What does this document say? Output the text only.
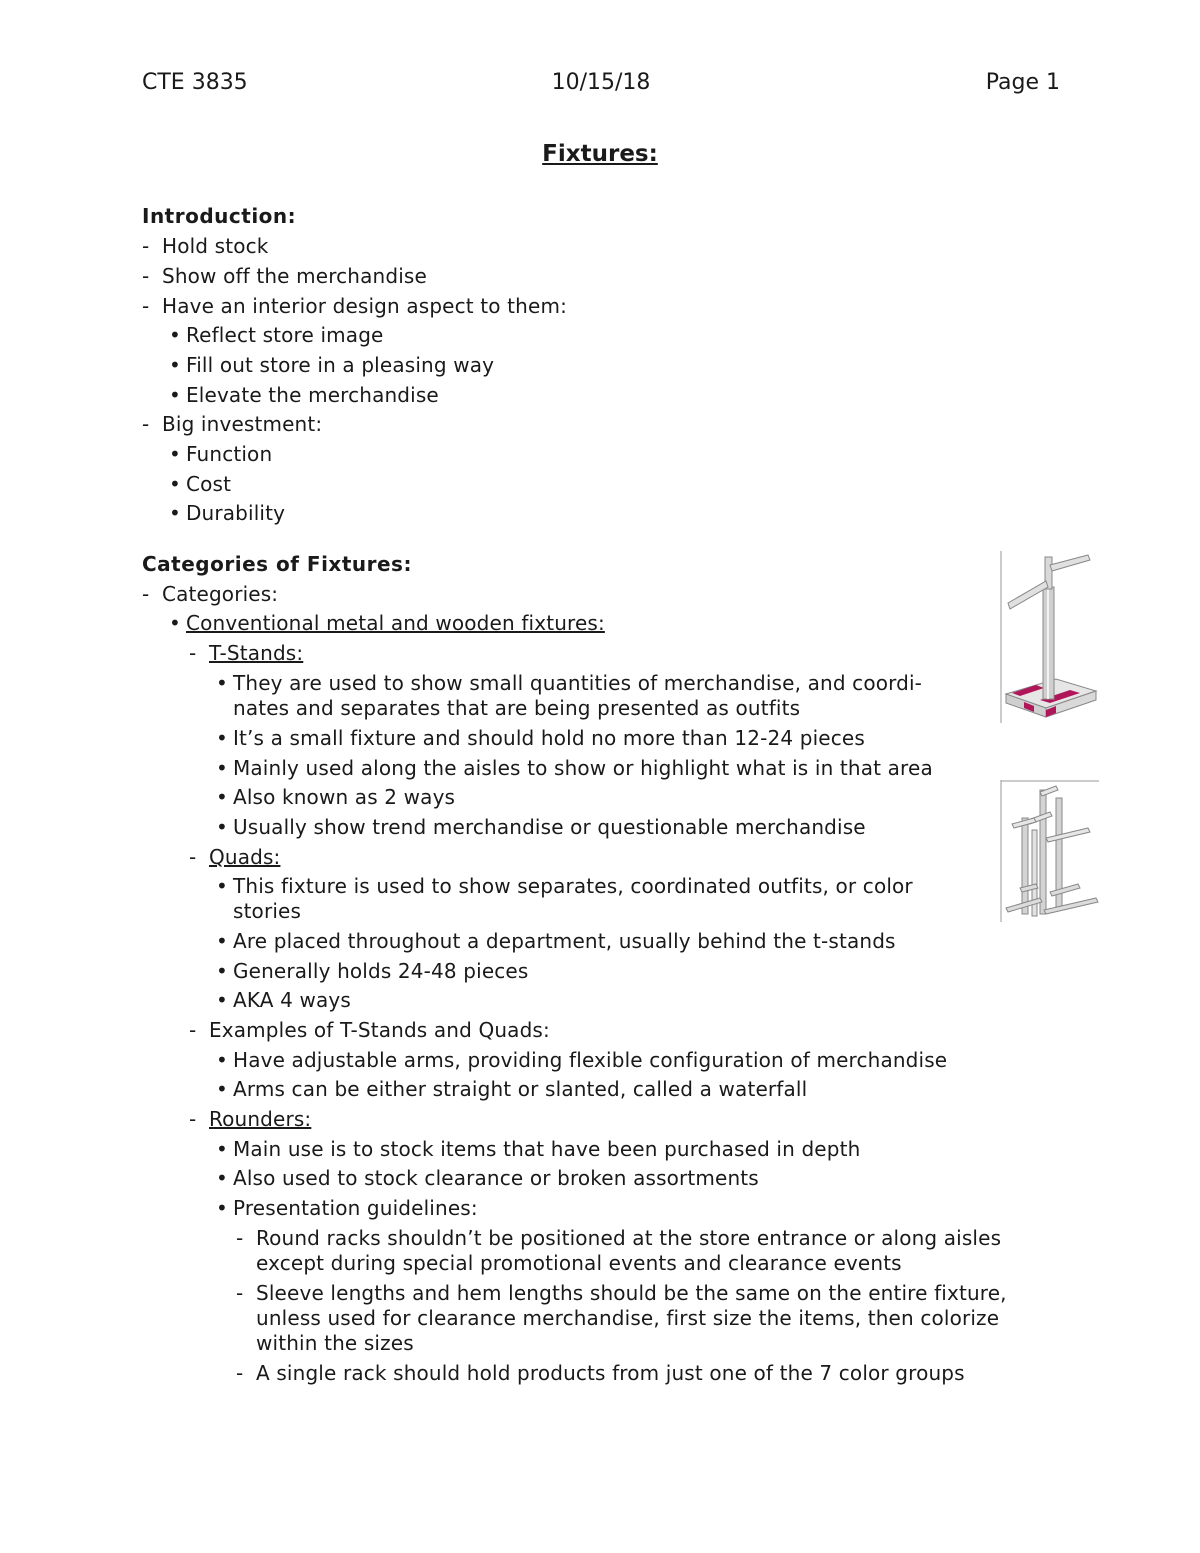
CTE 3835	10/15/18	Page 1
Fixtures:
Introduction:
- Hold stock
- Show off the merchandise
- Have an interior design aspect to them:
• Reflect store image
• Fill out store in a pleasing way
• Elevate the merchandise
- Big investment:
• Function
• Cost
• Durability
Categories of Fixtures:
- Categories:
• Conventional metal and wooden fixtures:
- T-Stands:
• They are used to show small quantities of merchandise, and coordi-
nates and separates that are being presented as outfits
• It’s a small fixture and should hold no more than 12-24 pieces
• Mainly used along the aisles to show or highlight what is in that area
• Also known as 2 ways
• Usually show trend merchandise or questionable merchandise
- Quads:
• This fixture is used to show separates, coordinated outfits, or color
stories
• Are placed throughout a department, usually behind the t-stands
• Generally holds 24-48 pieces
• AKA 4 ways
- Examples of T-Stands and Quads:
• Have adjustable arms, providing flexible configuration of merchandise
• Arms can be either straight or slanted, called a waterfall
- Rounders:
• Main use is to stock items that have been purchased in depth
• Also used to stock clearance or broken assortments
• Presentation guidelines:
- Round racks shouldn’t be positioned at the store entrance or along aisles
except during special promotional events and clearance events
- Sleeve lengths and hem lengths should be the same on the entire fixture,
unless used for clearance merchandise, first size the items, then colorize
within the sizes
- A single rack should hold products from just one of the 7 color groups
